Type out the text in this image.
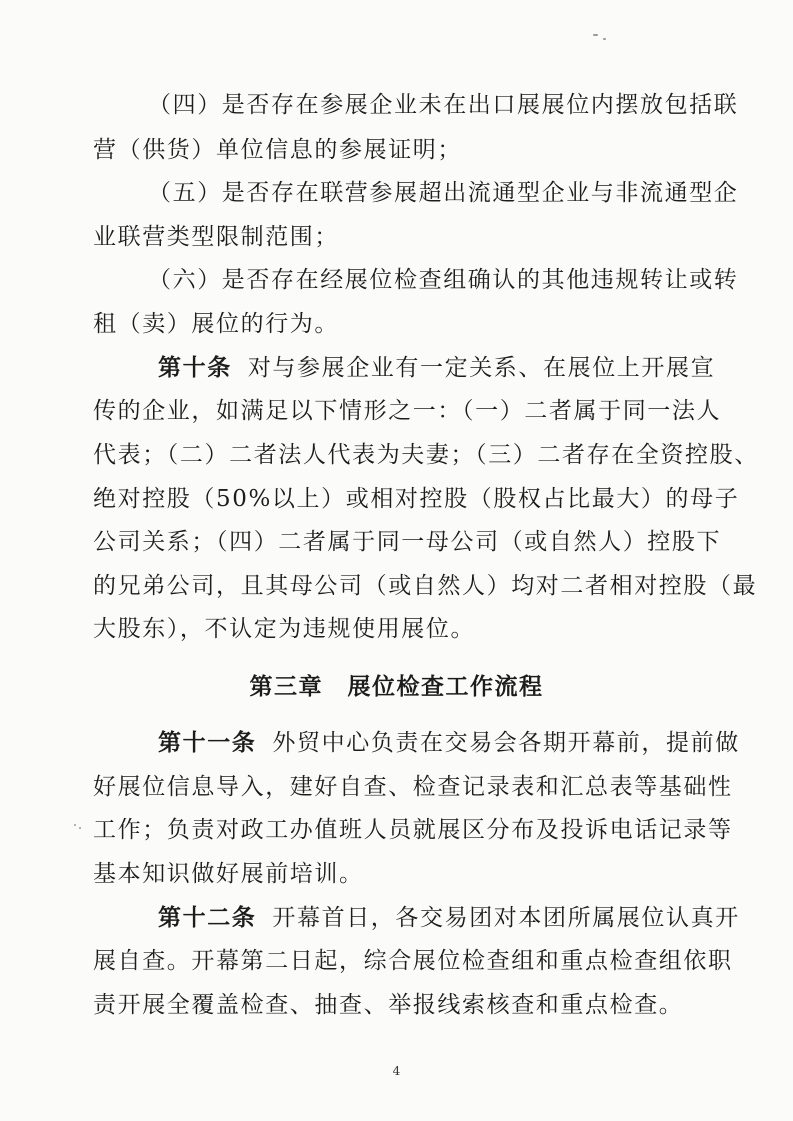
（四）是否存在参展企业未在出口展展位内摆放包括联
营（供货）单位信息的参展证明；
（五）是否存在联营参展超出流通型企业与非流通型企
业联营类型限制范围；
（六）是否存在经展位检查组确认的其他违规转让或转
租（卖）展位的行为。
第十条 对与参展企业有一定关系、在展位上开展宣
传的企业，如满足以下情形之一：（一）二者属于同一法人
代表；（二）二者法人代表为夫妻；（三）二者存在全资控股、
绝对控股（50%以上）或相对控股（股权占比最大）的母子
公司关系；（四）二者属于同一母公司（或自然人）控股下
的兄弟公司，且其母公司（或自然人）均对二者相对控股（最
大股东），不认定为违规使用展位。
第三章　展位检查工作流程
第十一条 外贸中心负责在交易会各期开幕前，提前做
好展位信息导入，建好自查、检查记录表和汇总表等基础性
工作；负责对政工办值班人员就展区分布及投诉电话记录等
基本知识做好展前培训。
第十二条 开幕首日，各交易团对本团所属展位认真开
展自查。开幕第二日起，综合展位检查组和重点检查组依职
责开展全覆盖检查、抽查、举报线索核查和重点检查。
4
